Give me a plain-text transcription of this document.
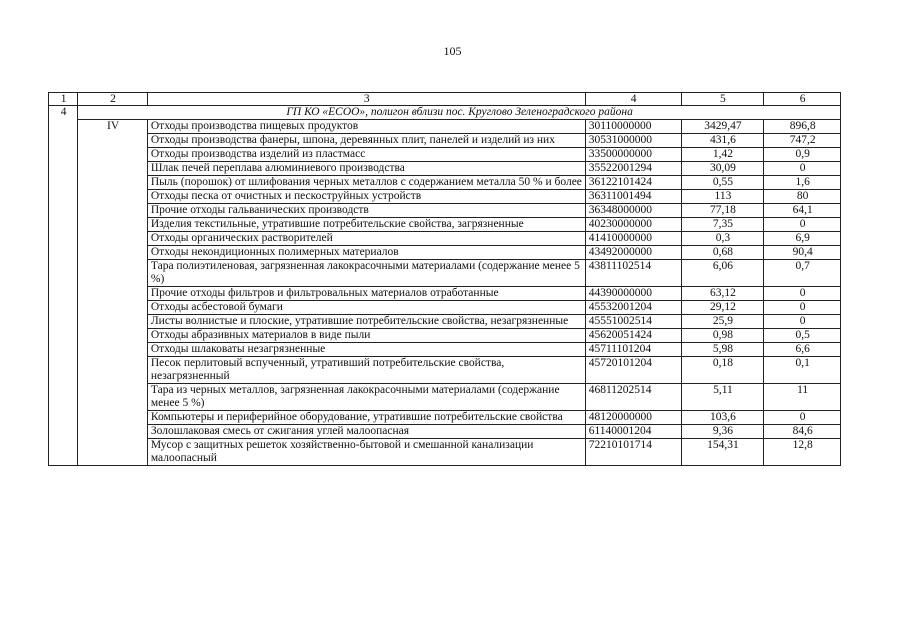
105
1	2	3	4	5	6
4	ГП КО «ЕСОО», полигон вблизи пос. Круглово Зеленоградского района				
	IV	Отходы производства пищевых продуктов	30110000000	3429,47	896,8
		Отходы производства фанеры, шпона, деревянных плит, панелей и изделий из них	30531000000	431,6	747,2
		Отходы производства изделий из пластмасс	33500000000	1,42	0,9
		Шлак печей переплава алюминиевого производства	35522001294	30,09	0
		Пыль (порошок) от шлифования черных металлов с содержанием металла 50 % и более	36122101424	0,55	1,6
		Отходы песка от очистных и пескоструйных устройств	36311001494	113	80
		Прочие отходы гальванических производств	36348000000	77,18	64,1
		Изделия текстильные, утратившие потребительские свойства, загрязненные	40230000000	7,35	0
		Отходы органических растворителей	41410000000	0,3	6,9
		Отходы некондиционных полимерных материалов	43492000000	0,68	90,4
		Тара полиэтиленовая, загрязненная лакокрасочными материалами (содержание менее 5 %)	43811102514	6,06	0,7
		Прочие отходы фильтров и фильтровальных материалов отработанные	44390000000	63,12	0
		Отходы асбестовой бумаги	45532001204	29,12	0
		Листы волнистые и плоские, утратившие потребительские свойства, незагрязненные	45551002514	25,9	0
		Отходы абразивных материалов в виде пыли	45620051424	0,98	0,5
		Отходы шлаковаты незагрязненные	45711101204	5,98	6,6
		Песок перлитовый вспученный, утративший потребительские свойства, незагрязненный	45720101204	0,18	0,1
		Тара из черных металлов, загрязненная лакокрасочными материалами (содержание менее 5 %)	46811202514	5,11	11
		Компьютеры и периферийное оборудование, утратившие потребительские свойства	48120000000	103,6	0
		Золошлаковая смесь от сжигания углей малоопасная	61140001204	9,36	84,6
		Мусор с защитных решеток хозяйственно-бытовой и смешанной канализации малоопасный	72210101714	154,31	12,8
